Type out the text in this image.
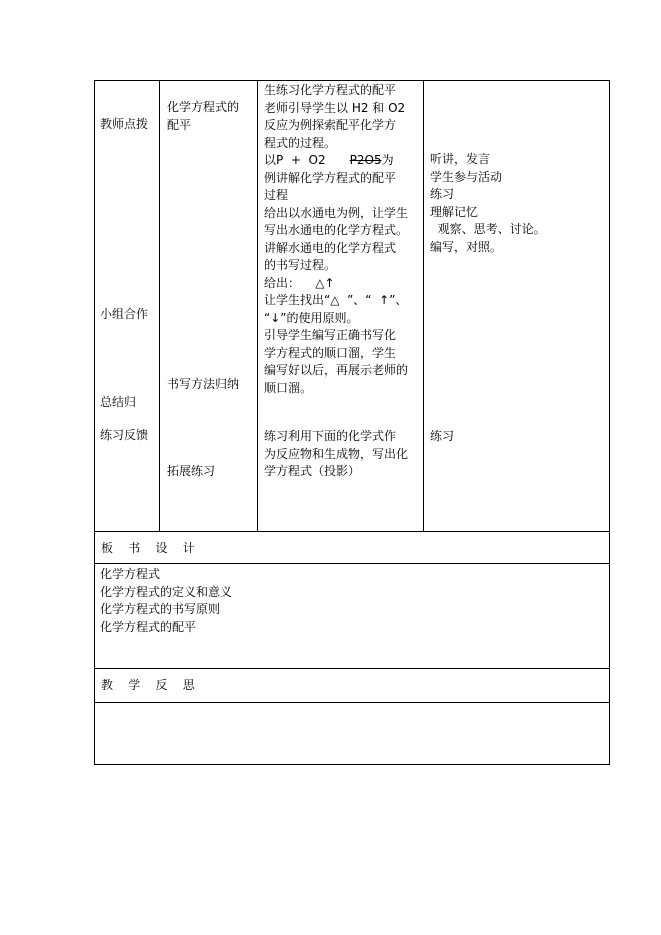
教师点拨
小组合作
总结归
练习反馈
化学方程式的
配平
书写方法归纳
拓展练习
生练习化学方程式的配平
老师引导学生以 H2 和 O2
反应为例探索配平化学方
程式的过程。
以P  +  O2 P2O5为
例讲解化学方程式的配平
过程
给出以水通电为例，让学生
写出水通电的化学方程式。
讲解水通电的化学方程式
的书写过程。
给出：    △↑
让学生找出“△  ”、“  ↑”、
“↓”的使用原则。
引导学生编写正确书写化
学方程式的顺口溜，学生
编写好以后，再展示老师的
顺口溜。
练习利用下面的化学式作
为反应物和生成物，写出化
学方程式（投影）
听讲，发言
学生参与活动
练习
理解记忆
观察、思考、讨论。
编写，对照。
练习
板    书    设    计
化学方程式
化学方程式的定义和意义
化学方程式的书写原则
化学方程式的配平
教    学    反    思
